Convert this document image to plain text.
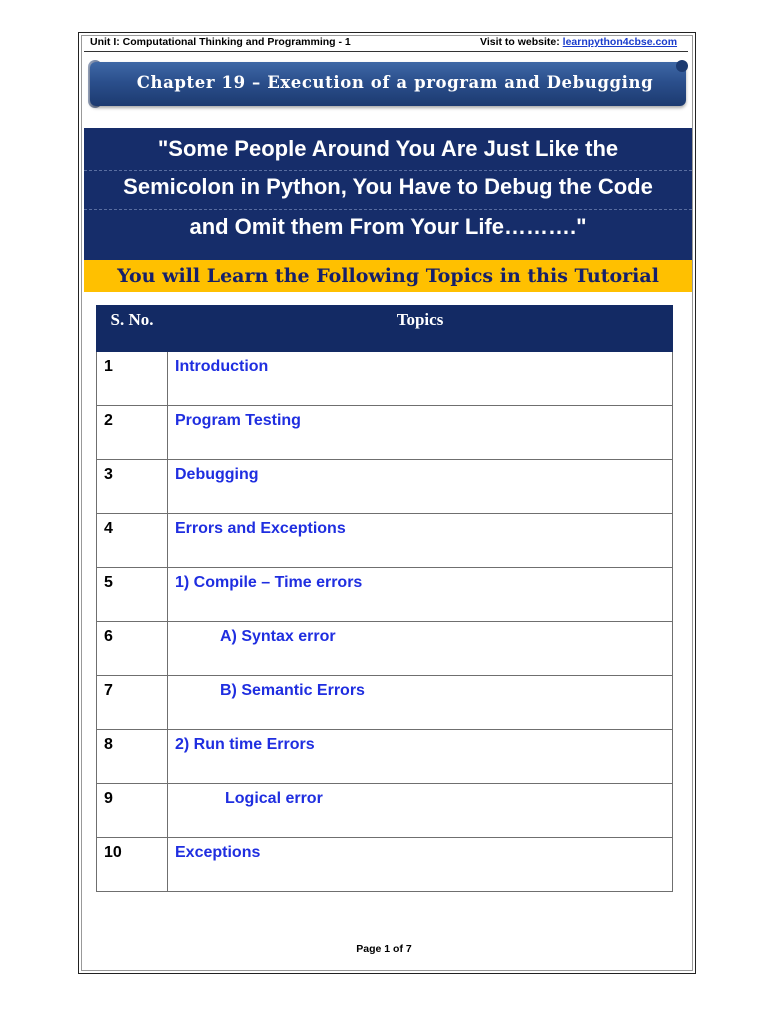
Unit I: Computational Thinking and Programming - 1	Visit to website: learnpython4cbse.com
Chapter 19 – Execution of a program and Debugging
"Some People Around You Are Just Like the
Semicolon in Python, You Have to Debug the Code
and Omit them From Your Life………."
You will Learn the Following Topics in this Tutorial
S. No.	Topics
1	Introduction
2	Program Testing
3	Debugging
4	Errors and Exceptions
5	1) Compile – Time errors
6	A) Syntax error
7	B) Semantic Errors
8	2) Run time Errors
9	Logical error
10	Exceptions
Page 1 of 7
